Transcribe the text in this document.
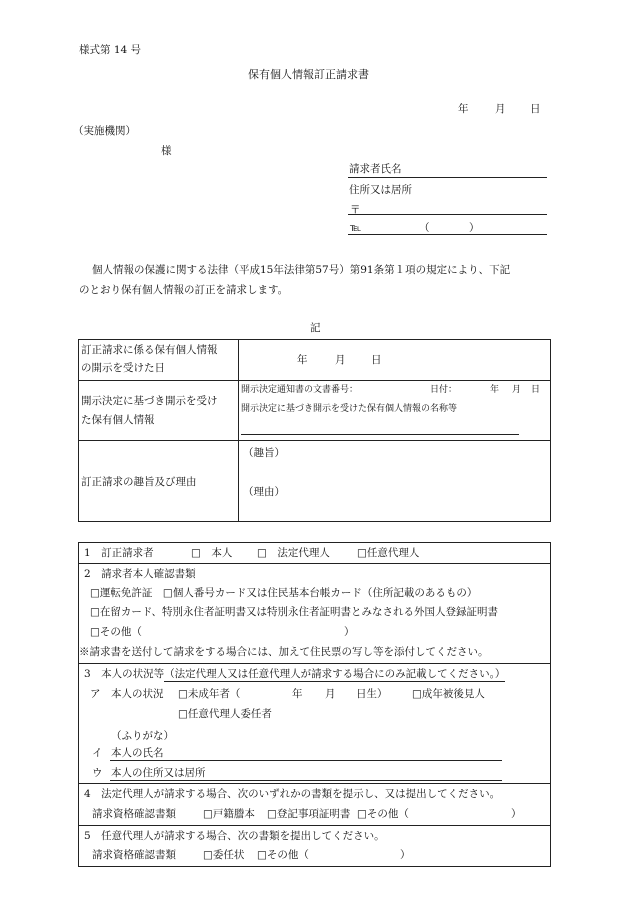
様式第 14 号
保有個人情報訂正請求書
年	月 日
（実施機関）
様
請求者氏名
住所又は居所
〒
℡	（	）
個人情報の保護に関する法律（平成15年法律第57号）第91条第１項の規定により、下記
のとおり保有個人情報の訂正を請求します。
記
訂正請求に係る保有個人情報
の開示を受けた日
年	月 日
開示決定に基づき開示を受け
た保有個人情報
開示決定通知書の文書番号：	日付：	年 月 日
開示決定に基づき開示を受けた保有個人情報の名称等
訂正請求の趣旨及び理由
（趣旨）
（理由）
1　訂正請求者	□　本人 □　法定代理人	□任意代理人
2　請求者本人確認書類
□運転免許証　□個人番号カード又は住民基本台帳カード（住所記載のあるもの）
□在留カード、特別永住者証明書又は特別永住者証明書とみなされる外国人登録証明書
□その他（	）
※請求書を送付して請求をする場合には、加えて住民票の写し等を添付してください。
3　本人の状況等（法定代理人又は任意代理人が請求する場合にのみ記載してください。）
ア　本人の状況 □未成年者（	年 月 日生） □成年被後見人
□任意代理人委任者
（ふりがな）
イ 本人の氏名
ウ 本人の住所又は居所
4　法定代理人が請求する場合、次のいずれかの書類を提示し、又は提出してください。
請求資格確認書類	□戸籍謄本 □登記事項証明書 □その他（	）
5　任意代理人が請求する場合、次の書類を提出してください。
請求資格確認書類	□委任状 □その他（	）
